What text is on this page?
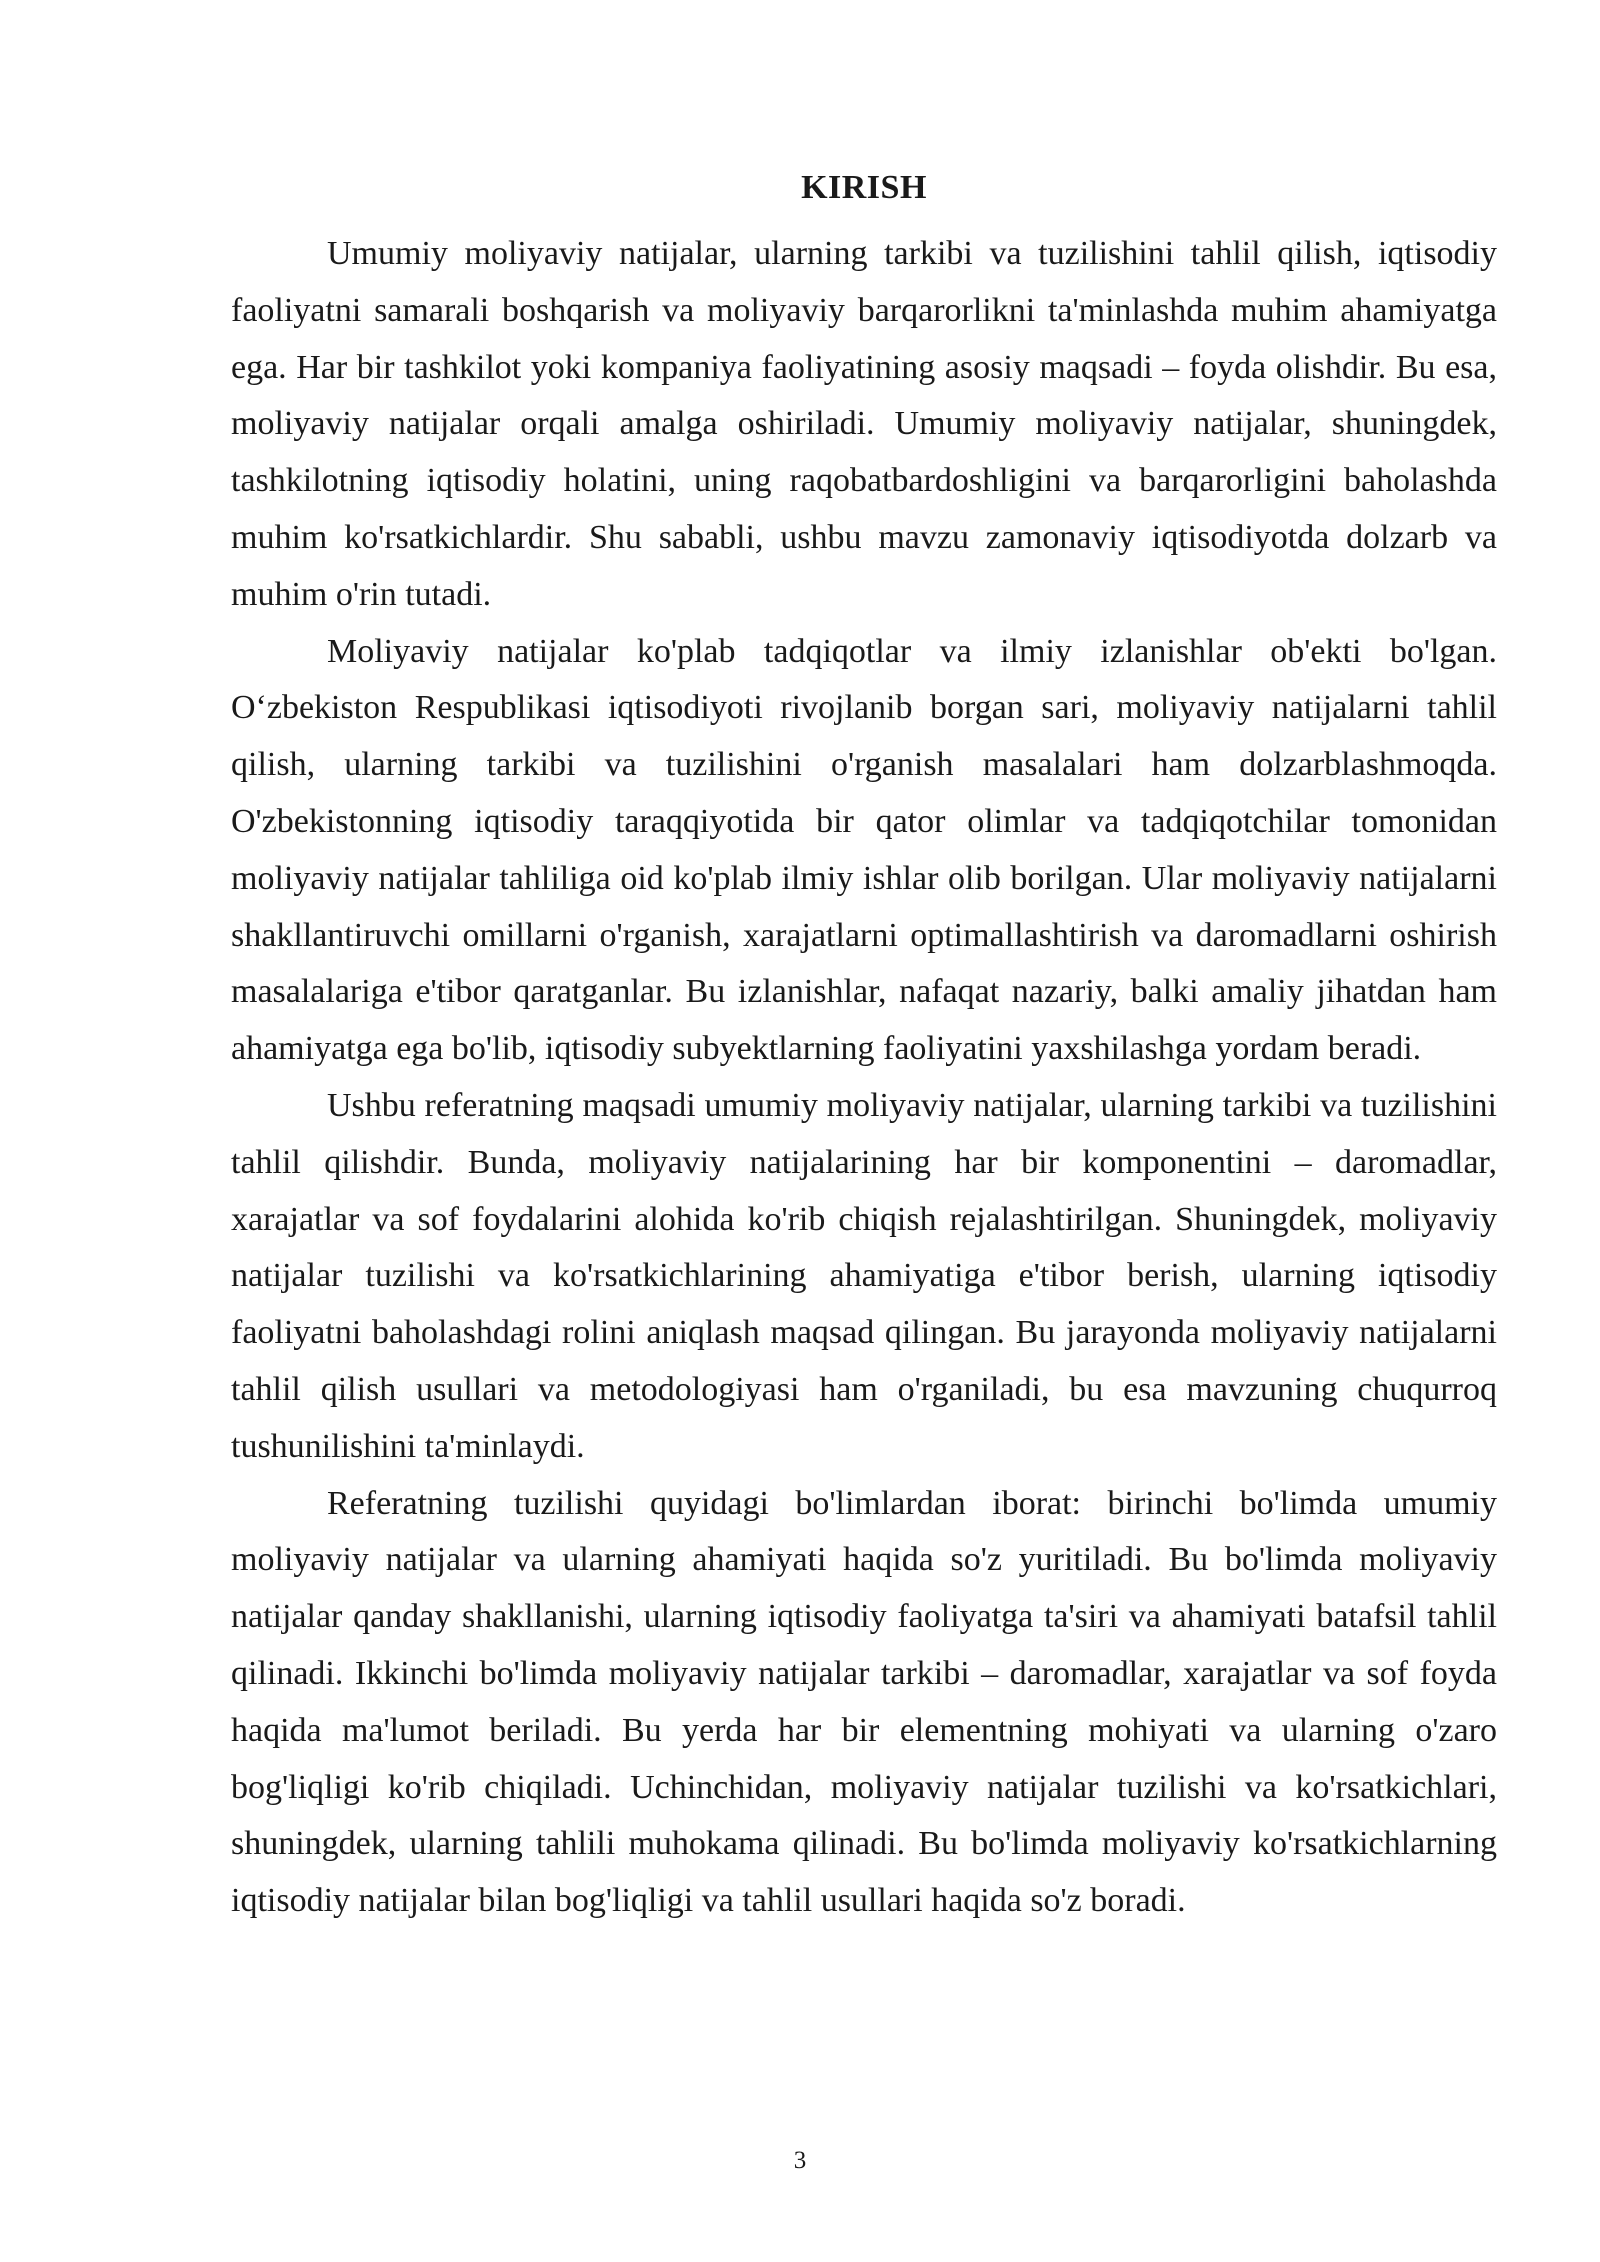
KIRISH

Umumiy moliyaviy natijalar, ularning tarkibi va tuzilishini tahlil qilish, iqtisodiy faoliyatni samarali boshqarish va moliyaviy barqarorlikni ta'minlashda muhim ahamiyatga ega. Har bir tashkilot yoki kompaniya faoliyatining asosiy maqsadi – foyda olishdir. Bu esa, moliyaviy natijalar orqali amalga oshiriladi. Umumiy moliyaviy natijalar, shuningdek, tashkilotning iqtisodiy holatini, uning raqobatbardoshligini va barqarorligini baholashda muhim ko'rsatkichlardir. Shu sababli, ushbu mavzu zamonaviy iqtisodiyotda dolzarb va muhim o'rin tutadi.

Moliyaviy natijalar ko'plab tadqiqotlar va ilmiy izlanishlar ob'ekti bo'lgan. O‘zbekiston Respublikasi iqtisodiyoti rivojlanib borgan sari, moliyaviy natijalarni tahlil qilish, ularning tarkibi va tuzilishini o'rganish masalalari ham dolzarblashmoqda. O'zbekistonning iqtisodiy taraqqiyotida bir qator olimlar va tadqiqotchilar tomonidan moliyaviy natijalar tahliliga oid ko'plab ilmiy ishlar olib borilgan. Ular moliyaviy natijalarni shakllantiruvchi omillarni o'rganish, xarajatlarni optimallashtirish va daromadlarni oshirish masalalariga e'tibor qaratganlar. Bu izlanishlar, nafaqat nazariy, balki amaliy jihatdan ham ahamiyatga ega bo'lib, iqtisodiy subyektlarning faoliyatini yaxshilashga yordam beradi.

Ushbu referatning maqsadi umumiy moliyaviy natijalar, ularning tarkibi va tuzilishini tahlil qilishdir. Bunda, moliyaviy natijalarining har bir komponentini – daromadlar, xarajatlar va sof foydalarini alohida ko'rib chiqish rejalashtirilgan. Shuningdek, moliyaviy natijalar tuzilishi va ko'rsatkichlarining ahamiyatiga e'tibor berish, ularning iqtisodiy faoliyatni baholashdagi rolini aniqlash maqsad qilingan. Bu jarayonda moliyaviy natijalarni tahlil qilish usullari va metodologiyasi ham o'rganiladi, bu esa mavzuning chuqurroq tushunilishini ta'minlaydi.

Referatning tuzilishi quyidagi bo'limlardan iborat: birinchi bo'limda umumiy moliyaviy natijalar va ularning ahamiyati haqida so'z yuritiladi. Bu bo'limda moliyaviy natijalar qanday shakllanishi, ularning iqtisodiy faoliyatga ta'siri va ahamiyati batafsil tahlil qilinadi. Ikkinchi bo'limda moliyaviy natijalar tarkibi – daromadlar, xarajatlar va sof foyda haqida ma'lumot beriladi. Bu yerda har bir elementning mohiyati va ularning o'zaro bog'liqligi ko'rib chiqiladi. Uchinchidan, moliyaviy natijalar tuzilishi va ko'rsatkichlari, shuningdek, ularning tahlili muhokama qilinadi. Bu bo'limda moliyaviy ko'rsatkichlarning iqtisodiy natijalar bilan bog'liqligi va tahlil usullari haqida so'z boradi.

3
